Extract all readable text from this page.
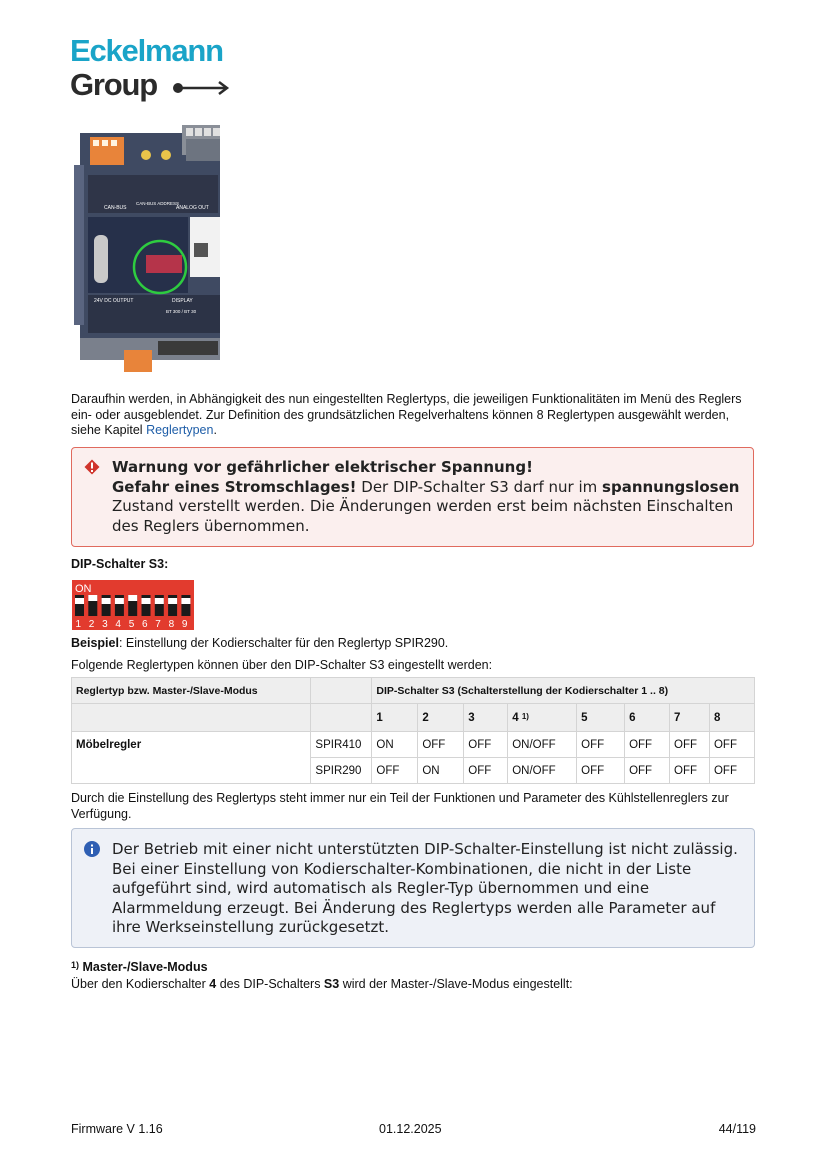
Eckelmann
Group
CAN-BUS
CAN-BUS ADDRESS
ANALOG OUT
24V DC OUTPUT	DISPLAY
BT 300 / BT 30

Daraufhin werden, in Abhängigkeit des nun eingestellten Reglertyps, die jeweiligen Funktionalitäten im Menü des Reglers ein- oder ausgeblendet. Zur Definition des grundsätzlichen Regelverhaltens können 8 Reglertypen ausgewählt werden, siehe Kapitel Reglertypen.

Warnung vor gefährlicher elektrischer Spannung!
Gefahr eines Stromschlages! Der DIP-Schalter S3 darf nur im spannungslosen Zustand verstellt werden. Die Änderungen werden erst beim nächsten Einschalten des Reglers übernommen.
DIP-Schalter S3:
ON
1 2 3 4 5 6 7 8 9

Beispiel: Einstellung der Kodierschalter für den Reglertyp SPIR290.

Folgende Reglertypen können über den DIP-Schalter S3 eingestellt werden:

Reglertyp bzw. Master-/Slave-Modus		DIP-Schalter S3 (Schalterstellung der Kodierschalter 1 .. 8)							
		1	2	3	4 $^{1)}$	5	6	7	8
Möbelregler	SPIR410	ON	OFF	OFF	ON/OFF	OFF	OFF	OFF	OFF
	SPIR290	OFF	ON	OFF	ON/OFF	OFF	OFF	OFF	OFF

Durch die Einstellung des Reglertyps steht immer nur ein Teil der Funktionen und Parameter des Kühlstellenreglers zur Verfügung.

Der Betrieb mit einer nicht unterstützten DIP-Schalter-Einstellung ist nicht zulässig. Bei einer Einstellung von Kodierschalter-Kombinationen, die nicht in der Liste aufgeführt sind, wird automatisch als Regler-Typ übernommen und eine Alarmmeldung erzeugt. Bei Änderung des Reglertyps werden alle Parameter auf ihre Werkseinstellung zurückgesetzt.
$^{1)}$ Master-/Slave-Modus

Über den Kodierschalter 4 des DIP-Schalters S3 wird der Master-/Slave-Modus eingestellt:

Firmware V 1.16	01.12.2025	44/119
